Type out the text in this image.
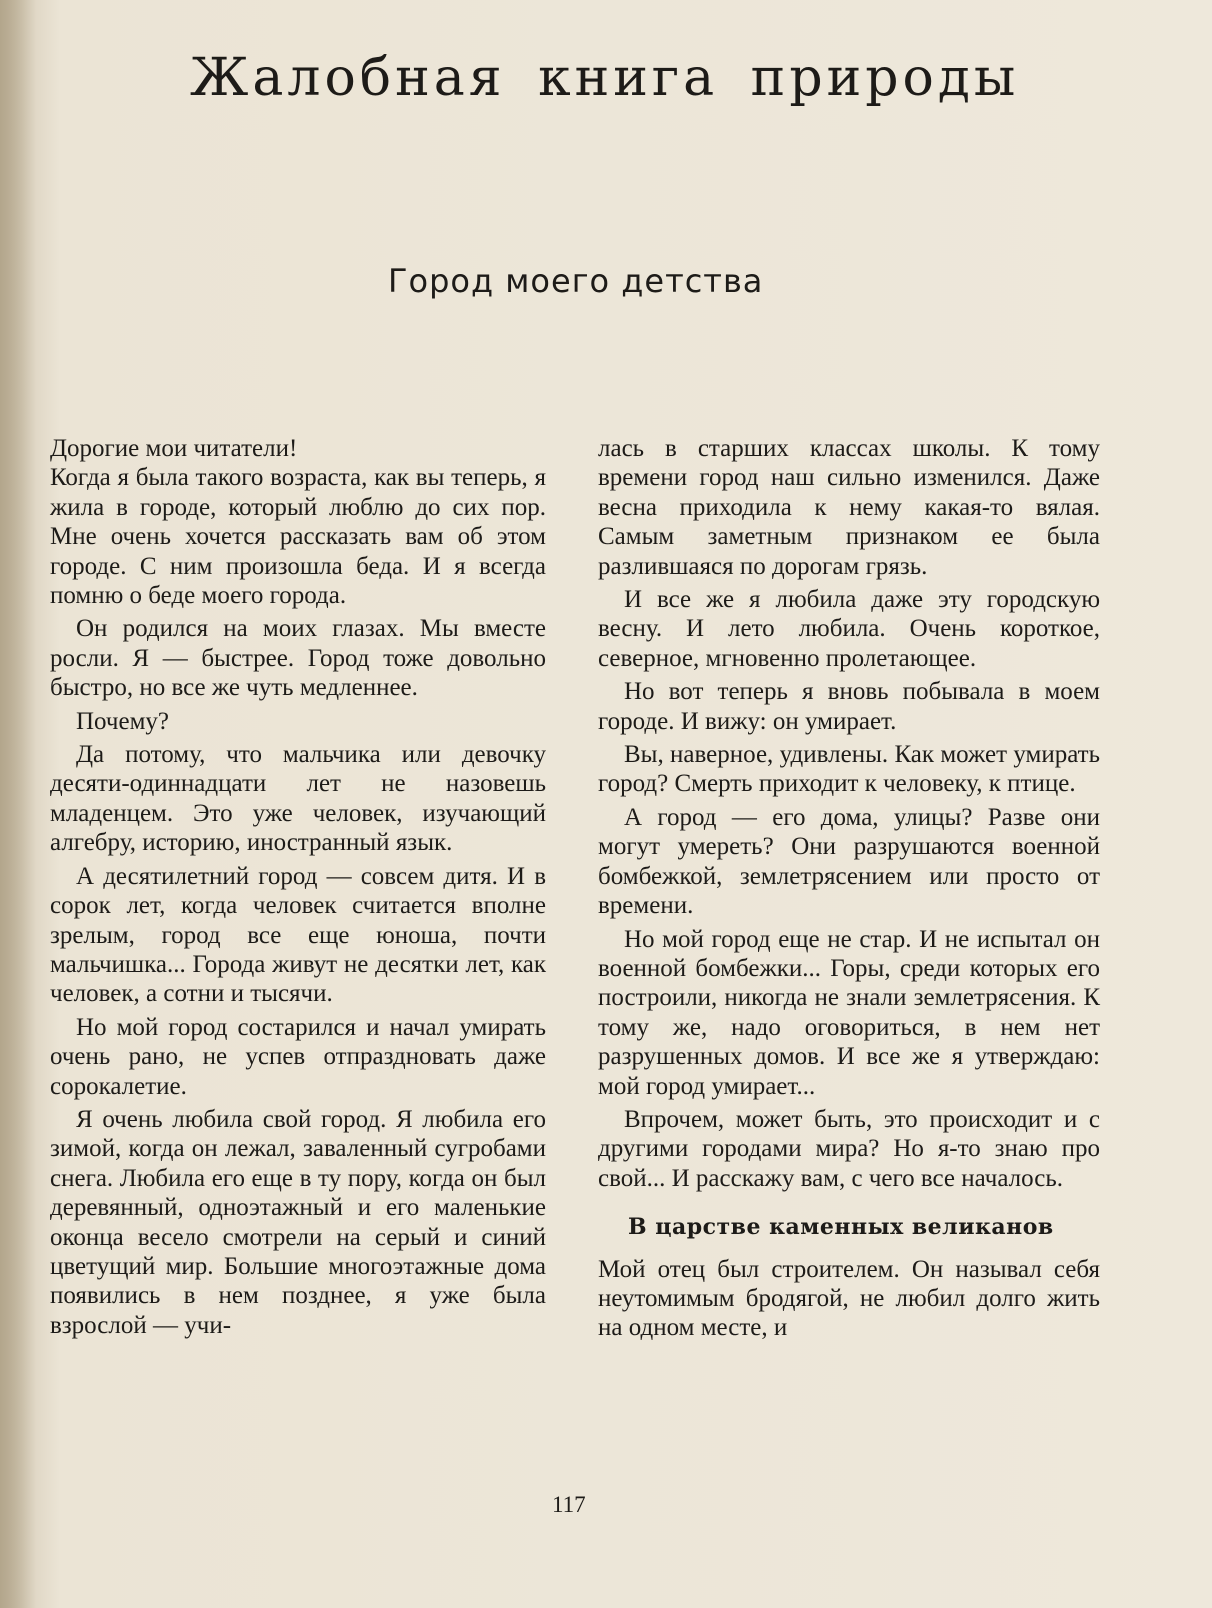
Жалобная книга природы
Город моего детства

Дорогие мои читатели!

Когда я была такого возраста, как вы теперь, я жила в городе, который люблю до сих пор. Мне очень хочется рассказать вам об этом городе. С ним произошла беда. И я всегда помню о беде моего города.

Он родился на моих глазах. Мы вместе росли. Я — быстрее. Город тоже довольно быстро, но все же чуть медленнее.

Почему?

Да потому, что мальчика или девочку десяти-одиннадцати лет не назовешь младенцем. Это уже человек, изучающий алгебру, историю, иностранный язык.

А десятилетний город — совсем дитя. И в сорок лет, когда человек считается вполне зрелым, город все еще юноша, почти мальчишка... Города живут не десятки лет, как человек, а сотни и тысячи.

Но мой город состарился и начал умирать очень рано, не успев отпраздновать даже сорокалетие.

Я очень любила свой город. Я любила его зимой, когда он лежал, заваленный сугробами снега. Любила его еще в ту пору, когда он был деревянный, одноэтажный и его маленькие оконца весело смотрели на серый и синий цветущий мир. Большие многоэтажные дома появились в нем позднее, я уже была взрослой — учи-

лась в старших классах школы. К тому времени город наш сильно изменился. Даже весна приходила к нему какая-то вялая. Самым заметным признаком ее была разлившаяся по дорогам грязь.

И все же я любила даже эту городскую весну. И лето любила. Очень короткое, северное, мгновенно пролетающее.

Но вот теперь я вновь побывала в моем городе. И вижу: он умирает.

Вы, наверное, удивлены. Как может умирать город? Смерть приходит к человеку, к птице.

А город — его дома, улицы? Разве они могут умереть? Они разрушаются военной бомбежкой, землетрясением или просто от времени.

Но мой город еще не стар. И не испытал он военной бомбежки... Горы, среди которых его построили, никогда не знали землетрясения. К тому же, надо оговориться, в нем нет разрушенных домов. И все же я утверждаю: мой город умирает...

Впрочем, может быть, это происходит и с другими городами мира? Но я-то знаю про свой... И расскажу вам, с чего все началось.

В царстве каменных великанов

Мой отец был строителем. Он называл себя неутомимым бродягой, не любил долго жить на одном месте, и

117
